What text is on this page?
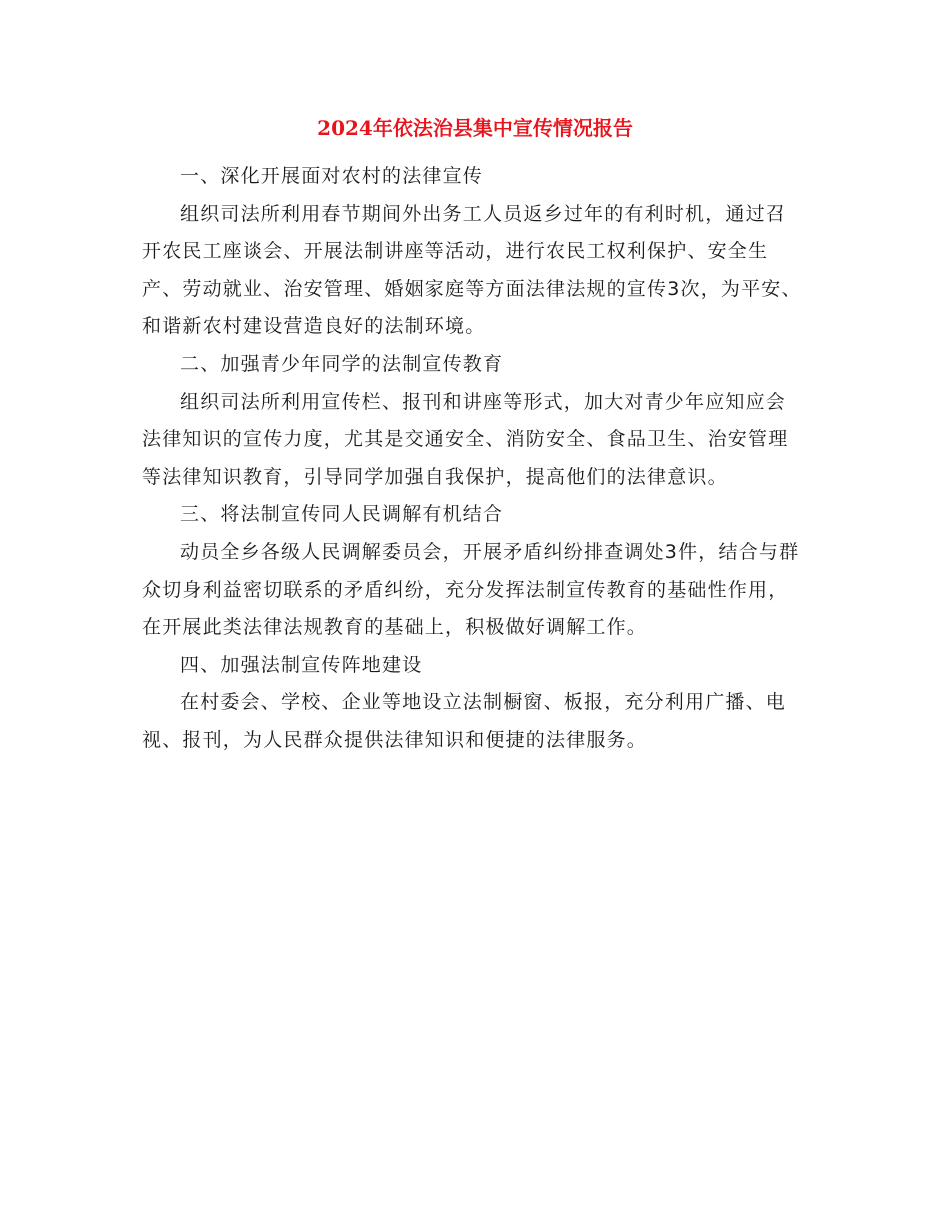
2024年依法治县集中宣传情况报告
一、深化开展面对农村的法律宣传

组织司法所利用春节期间外出务工人员返乡过年的有利时机，通过召开农民工座谈会、开展法制讲座等活动，进行农民工权利保护、安全生产、劳动就业、治安管理、婚姻家庭等方面法律法规的宣传3次，为平安、和谐新农村建设营造良好的法制环境。

二、加强青少年同学的法制宣传教育

组织司法所利用宣传栏、报刊和讲座等形式，加大对青少年应知应会法律知识的宣传力度，尤其是交通安全、消防安全、食品卫生、治安管理等法律知识教育，引导同学加强自我保护，提高他们的法律意识。

三、将法制宣传同人民调解有机结合

动员全乡各级人民调解委员会，开展矛盾纠纷排查调处3件，结合与群众切身利益密切联系的矛盾纠纷，充分发挥法制宣传教育的基础性作用，在开展此类法律法规教育的基础上，积极做好调解工作。

四、加强法制宣传阵地建设

在村委会、学校、企业等地设立法制橱窗、板报，充分利用广播、电视、报刊，为人民群众提供法律知识和便捷的法律服务。
